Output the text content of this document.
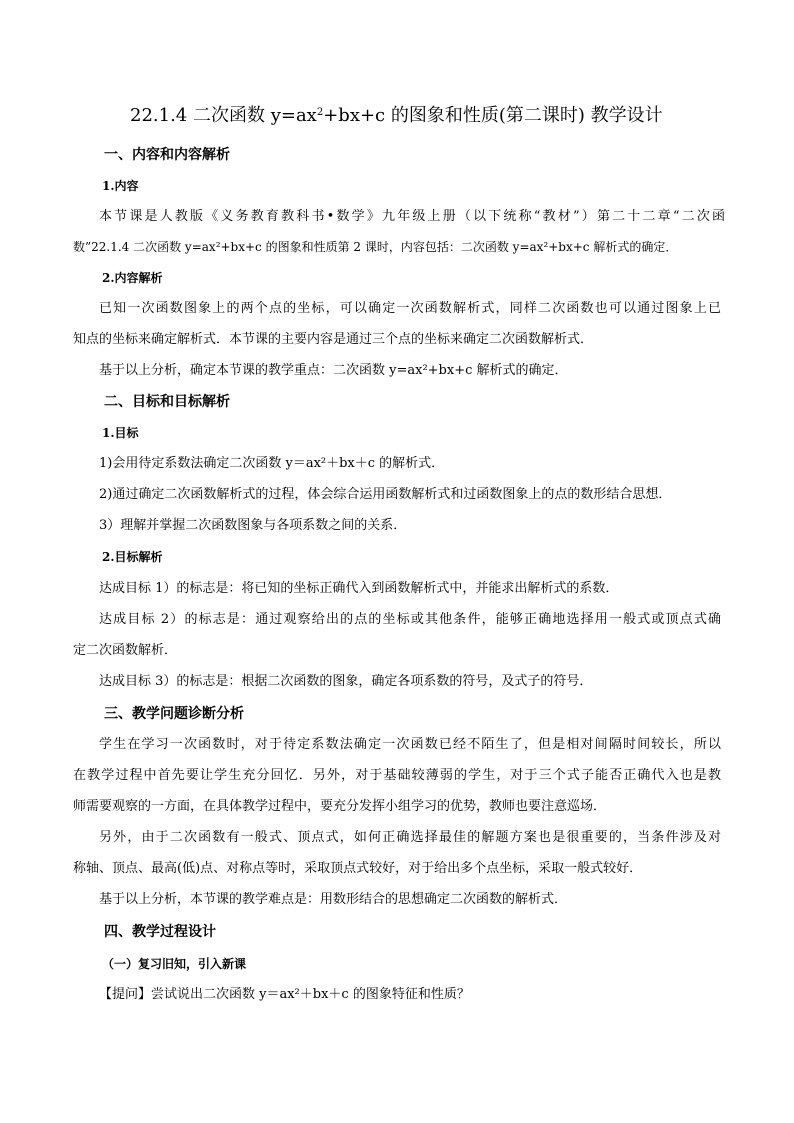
22.1.4 二次函数 $y=ax^2+bx+c$ 的图象和性质(第二课时) 教学设计
一、内容和内容解析
1.内容
本节课是人教版《义务教育教科书•数学》九年级上册（以下统称“教材”）第二十二章“二次函
数”22.1.4 二次函数 y=ax²+bx+c 的图象和性质第 2 课时，内容包括：二次函数 y=ax²+bx+c 解析式的确定．
2.内容解析
已知一次函数图象上的两个点的坐标，可以确定一次函数解析式，同样二次函数也可以通过图象上已
知点的坐标来确定解析式．本节课的主要内容是通过三个点的坐标来确定二次函数解析式．
基于以上分析，确定本节课的教学重点：二次函数 y=ax²+bx+c 解析式的确定．
二、目标和目标解析
1.目标
1)会用待定系数法确定二次函数 y＝ax²＋bx＋c 的解析式．
2)通过确定二次函数解析式的过程，体会综合运用函数解析式和过函数图象上的点的数形结合思想．
3）理解并掌握二次函数图象与各项系数之间的关系．
2.目标解析
达成目标 1）的标志是：将已知的坐标正确代入到函数解析式中，并能求出解析式的系数．
达成目标 2）的标志是：通过观察给出的点的坐标或其他条件，能够正确地选择用一般式或顶点式确
定二次函数解析．
达成目标 3）的标志是：根据二次函数的图象，确定各项系数的符号，及式子的符号．
三、教学问题诊断分析
学生在学习一次函数时，对于待定系数法确定一次函数已经不陌生了，但是相对间隔时间较长，所以
在教学过程中首先要让学生充分回忆．另外，对于基础较薄弱的学生，对于三个式子能否正确代入也是教
师需要观察的一方面，在具体教学过程中，要充分发挥小组学习的优势，教师也要注意巡场．
另外，由于二次函数有一般式、顶点式，如何正确选择最佳的解题方案也是很重要的，当条件涉及对
称轴、顶点、最高(低)点、对称点等时，采取顶点式较好，对于给出多个点坐标，采取一般式较好．
基于以上分析，本节课的教学难点是：用数形结合的思想确定二次函数的解析式．
四、教学过程设计
（一）复习旧知，引入新课
【提问】尝试说出二次函数 y＝ax²＋bx＋c 的图象特征和性质？
